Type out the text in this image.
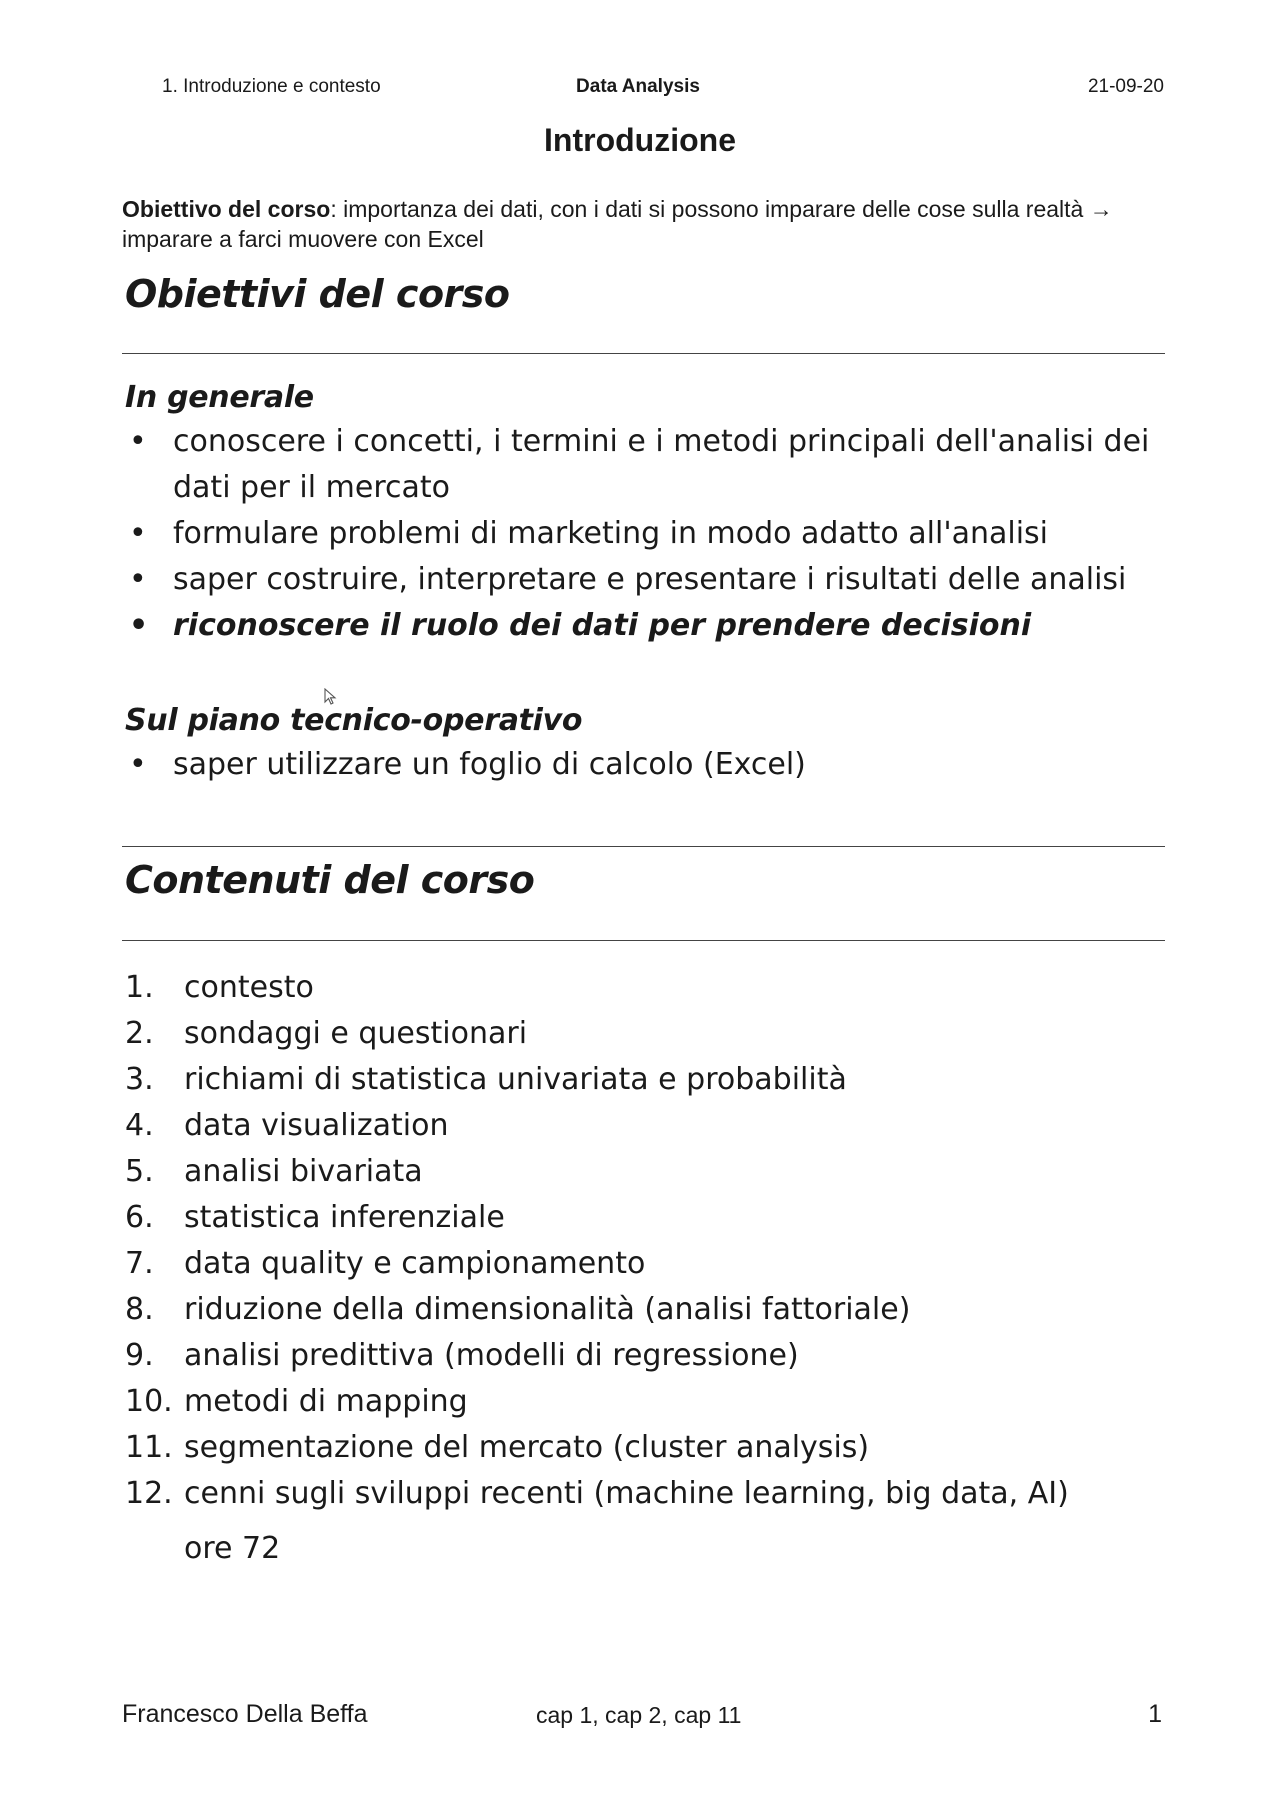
1. Introduzione e contesto	Data Analysis	21-09-20
Introduzione
Obiettivo del corso: importanza dei dati, con i dati si possono imparare delle cose sulla realtà → imparare a farci muovere con Excel
Obiettivi del corso
In generale
• conoscere i concetti, i termini e i metodi principali dell'analisi dei dati per il mercato
• formulare problemi di marketing in modo adatto all'analisi
• saper costruire, interpretare e presentare i risultati delle analisi
• riconoscere il ruolo dei dati per prendere decisioni
Sul piano tecnico-operativo
• saper utilizzare un foglio di calcolo (Excel)
Contenuti del corso
1. contesto
2. sondaggi e questionari
3. richiami di statistica univariata e probabilità
4. data visualization
5. analisi bivariata
6. statistica inferenziale
7. data quality e campionamento
8. riduzione della dimensionalità (analisi fattoriale)
9. analisi predittiva (modelli di regressione)
10. metodi di mapping
11. segmentazione del mercato (cluster analysis)
12. cenni sugli sviluppi recenti (machine learning, big data, AI)
ore 72
Francesco Della Beffa	cap 1, cap 2, cap 11	1
